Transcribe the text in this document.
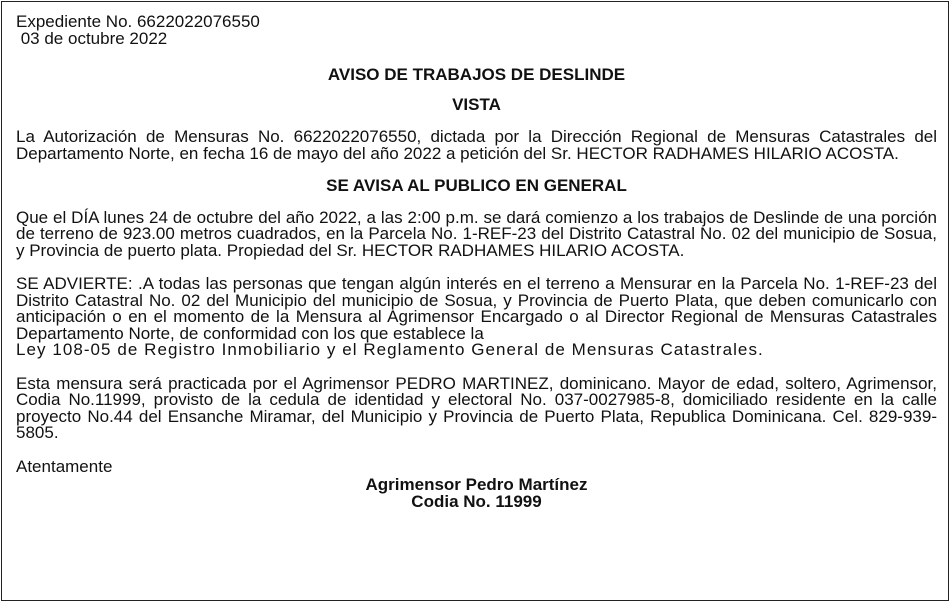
Expediente No. 6622022076550
03 de octubre 2022
AVISO DE TRABAJOS DE DESLINDE
VISTA
La Autorización de Mensuras No. 6622022076550, dictada por la Dirección Regional de Mensuras Catastrales del Departamento Norte, en fecha 16 de mayo del año 2022 a petición del Sr. HECTOR RADHAMES HILARIO ACOSTA.
SE AVISA AL PUBLICO EN GENERAL
Que el DÍA lunes 24 de octubre del año 2022, a las 2:00 p.m. se dará comienzo a los trabajos de Deslinde de una porción de terreno de 923.00 metros cuadrados, en la Parcela No. 1-REF-23 del Distrito Catastral No. 02 del municipio de Sosua, y Provincia de puerto plata. Propiedad del Sr. HECTOR RADHAMES HILARIO ACOSTA.
SE ADVIERTE: .A todas las personas que tengan algún interés en el terreno a Mensurar en la Parcela No. 1-REF-23 del Distrito Catastral No. 02 del Municipio del municipio de Sosua, y Provincia de Puerto Plata, que deben comunicarlo con anticipación o en el momento de la Mensura al Agrimensor Encargado o al Director Regional de Mensuras Catastrales Departamento Norte, de conformidad con los que establece la
Ley 108-05 de Registro Inmobiliario y el Reglamento General de Mensuras Catastrales.
Esta mensura será practicada por el Agrimensor PEDRO MARTINEZ, dominicano. Mayor de edad, soltero, Agrimensor, Codia No.11999, provisto de la cedula de identidad y electoral No. 037-0027985-8, domiciliado residente en la calle proyecto No.44 del Ensanche Miramar, del Municipio y Provincia de Puerto Plata, Republica Dominicana. Cel. 829-939-5805.
Atentamente
Agrimensor Pedro Martínez
Codia No. 11999
